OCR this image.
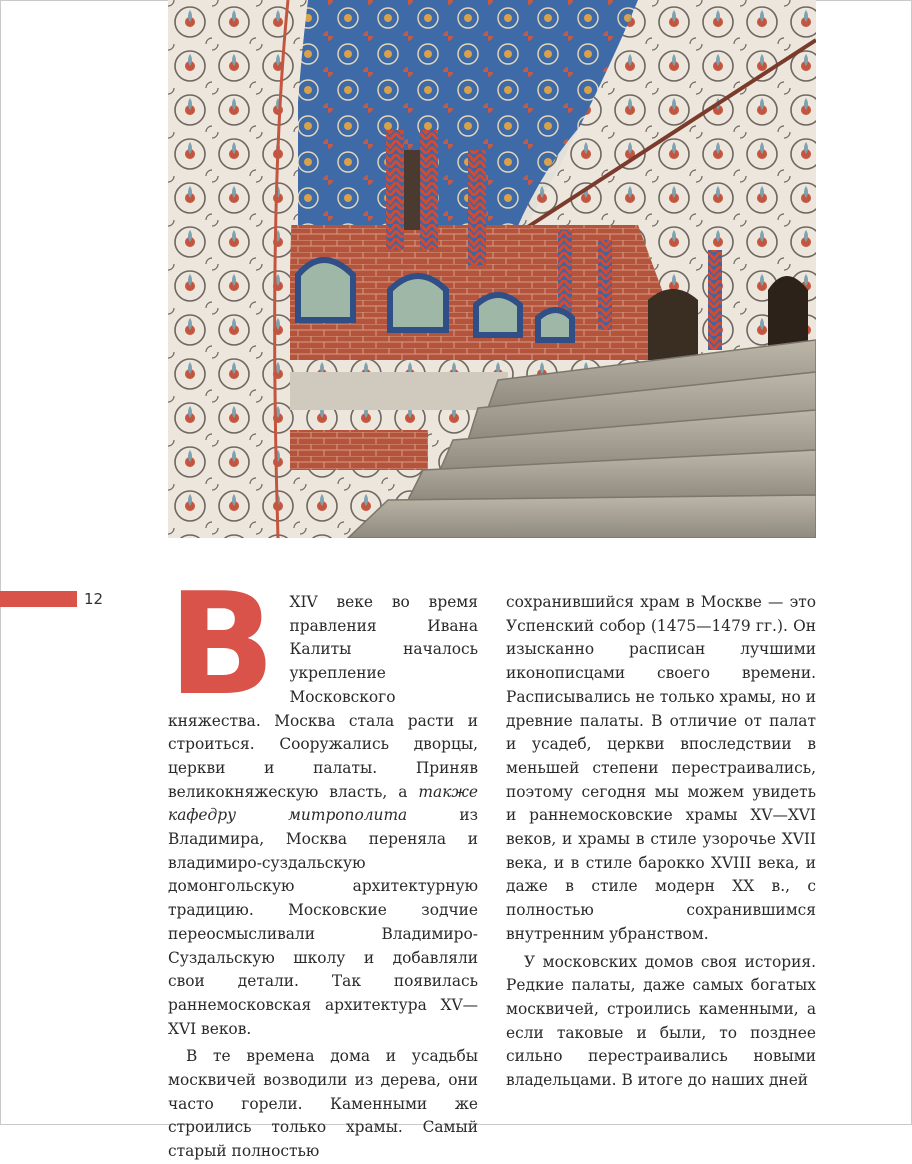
12 ВXIV веке во время правления Ивана Калиты началось укрепление Московского княжества. Москва стала расти и строиться. Сооружались дворцы, церкви и палаты. Приняв великокняжескую власть, а также кафедру митрополита из Владимира, Москва переняла и владимиро-суздальскую домонгольскую архитектурную традицию. Московские зодчие переосмысливали Владимиро-Суздальскую школу и добавляли свои детали. Так появилась раннемосковская архитектура XV—XVI веков.

В те времена дома и усадьбы москвичей возводили из дерева, они часто горели. Каменными же строились только храмы. Самый старый полностью

сохранившийся храм в Москве — это Успенский собор (1475—1479 гг.). Он изысканно расписан лучшими иконописцами своего времени. Расписывались не только храмы, но и древние палаты. В отличие от палат и усадеб, церкви впоследствии в меньшей степени перестраивались, поэтому сегодня мы можем увидеть и раннемосковские храмы XV—XVI веков, и храмы в стиле узорочье XVII века, и в стиле барокко XVIII века, и даже в стиле модерн XX в., с полностью сохранившимся внутренним убранством.

У московских домов своя история. Редкие палаты, даже самых богатых москвичей, строились каменными, а если таковые и были, то позднее сильно перестраивались новыми владельцами. В итоге до наших дней
